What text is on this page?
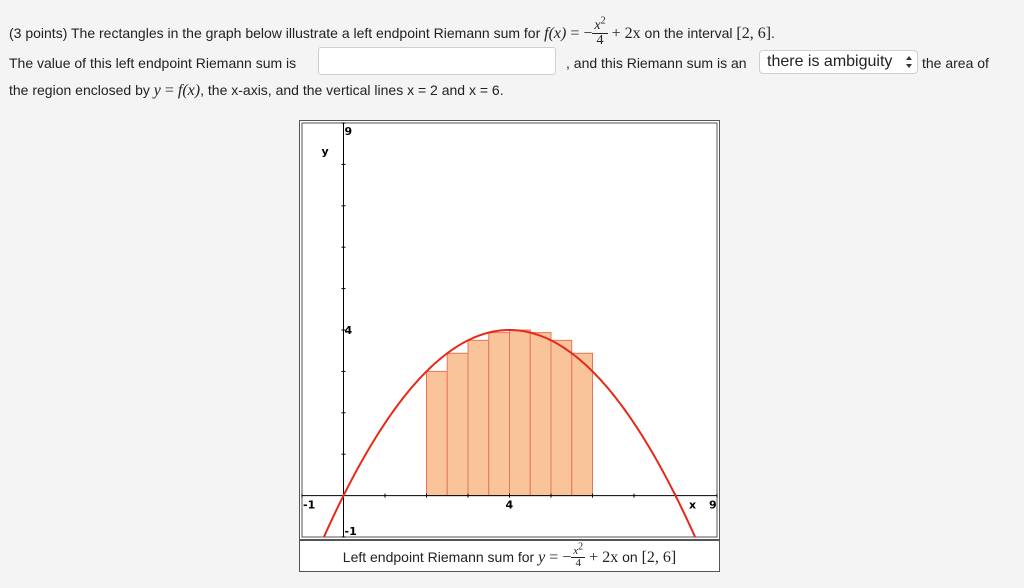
(3 points) The rectangles in the graph below illustrate a left endpoint Riemann sum for f(x) = − $\frac{x^2}{4} + 2x$ on the interval [2, 6].
The value of this left endpoint Riemann sum is	, and this Riemann sum is an	there is ambiguity	the area of
the region enclosed by y = f(x), the x-axis, and the vertical lines x = 2 and x = 6.
y
x
9
4
-1
-1	4	9
Left endpoint Riemann sum for y = − $\frac{x^2}{4} + 2x$ on [2, 6]
